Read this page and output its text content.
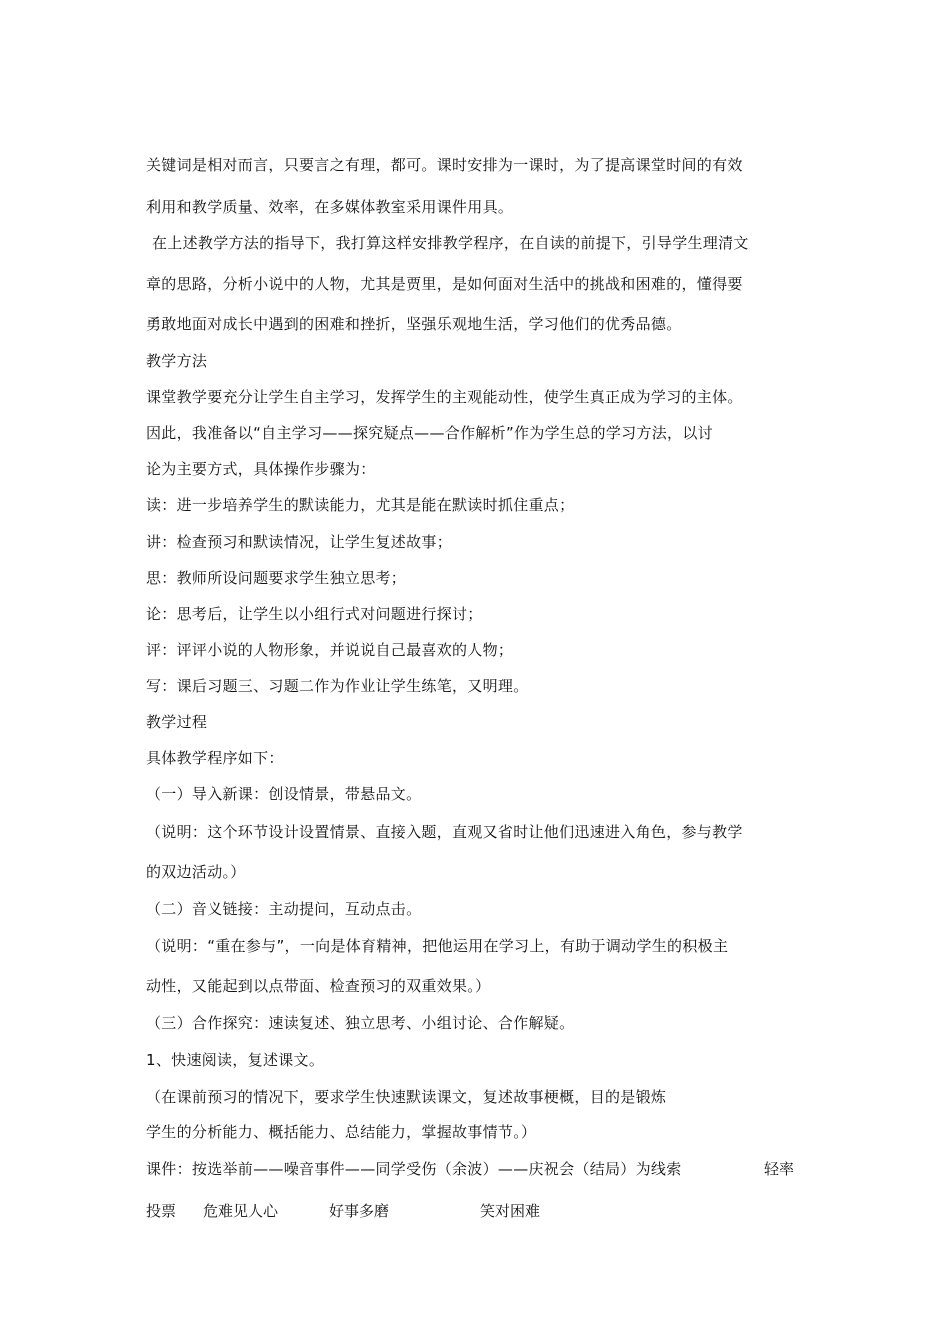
关键词是相对而言，只要言之有理，都可。课时安排为一课时，为了提高课堂时间的有效
利用和教学质量、效率，在多媒体教室采用课件用具。
在上述教学方法的指导下，我打算这样安排教学程序，在自读的前提下，引导学生理清文
章的思路，分析小说中的人物，尤其是贾里，是如何面对生活中的挑战和困难的，懂得要
勇敢地面对成长中遇到的困难和挫折，坚强乐观地生活，学习他们的优秀品德。
教学方法
课堂教学要充分让学生自主学习，发挥学生的主观能动性，使学生真正成为学习的主体。
因此，我准备以“自主学习——探究疑点——合作解析”作为学生总的学习方法，以讨
论为主要方式，具体操作步骤为：
读：进一步培养学生的默读能力，尤其是能在默读时抓住重点；
讲：检查预习和默读情况，让学生复述故事；
思：教师所设问题要求学生独立思考；
论：思考后，让学生以小组行式对问题进行探讨；
评：评评小说的人物形象，并说说自己最喜欢的人物；
写：课后习题三、习题二作为作业让学生练笔，又明理。
教学过程
具体教学程序如下：
（一）导入新课：创设情景，带悬品文。
（说明：这个环节设计设置情景、直接入题，直观又省时让他们迅速进入角色，参与教学
的双边活动。）
（二）音义链接：主动提问，互动点击。
（说明：“重在参与”，一向是体育精神，把他运用在学习上，有助于调动学生的积极主
动性，又能起到以点带面、检查预习的双重效果。）
（三）合作探究：速读复述、独立思考、小组讨论、合作解疑。
1、快速阅读，复述课文。
（在课前预习的情况下，要求学生快速默读课文，复述故事梗概，目的是锻炼
学生的分析能力、概括能力、总结能力，掌握故事情节。）
课件：按选举前——噪音事件——同学受伤（余波）——庆祝会（结局）为线索	轻率
投票 危难见人心	好事多磨	笑对困难
